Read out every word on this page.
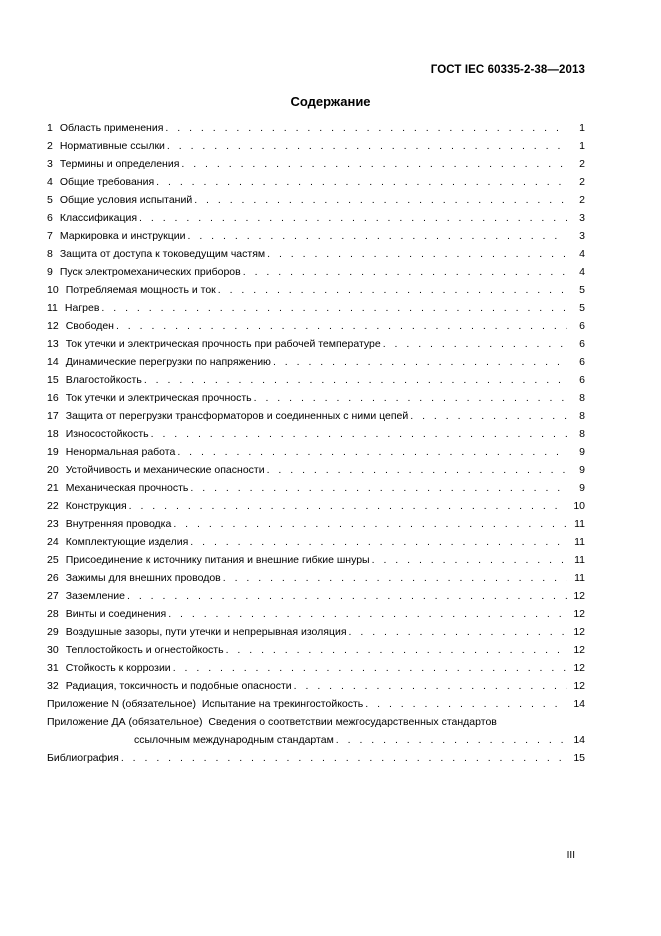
ГОСТ IEC 60335-2-38—2013
Содержание
1 Область применения . . .	1
2 Нормативные ссылки . . .	1
3 Термины и определения . . .	2
4 Общие требования . . .	2
5 Общие условия испытаний . . .	2
6 Классификация . . .	3
7 Маркировка и инструкции . . .	3
8 Защита от доступа к токоведущим частям . . .	4
9 Пуск электромеханических приборов . . .	4
10 Потребляемая мощность и ток . . .	5
11 Нагрев . . .	5
12 Свободен . . .	6
13 Ток утечки и электрическая прочность при рабочей температуре . . .	6
14 Динамические перегрузки по напряжению . . .	6
15 Влагостойкость . . .	6
16 Ток утечки и электрическая прочность . . .	8
17 Защита от перегрузки трансформаторов и соединенных с ними цепей . . .	8
18 Износостойкость . . .	8
19 Ненормальная работа . . .	9
20 Устойчивость и механические опасности . . .	9
21 Механическая прочность . . .	9
22 Конструкция . . .	10
23 Внутренняя проводка . . .	11
24 Комплектующие изделия . . .	11
25 Присоединение к источнику питания и внешние гибкие шнуры . . .	11
26 Зажимы для внешних проводов . . .	11
27 Заземление . . .	12
28 Винты и соединения . . .	12
29 Воздушные зазоры, пути утечки и непрерывная изоляция . . .	12
30 Теплостойкость и огнестойкость . . .	12
31 Стойкость к коррозии . . .	12
32 Радиация, токсичность и подобные опасности . . .	12
Приложение N (обязательное) Испытание на трекингостойкость . . .	14
Приложение ДА (обязательное) Сведения о соответствии межгосударственных стандартов
ссылочным международным стандартам . . .	14
Библиография . . .	15
III
